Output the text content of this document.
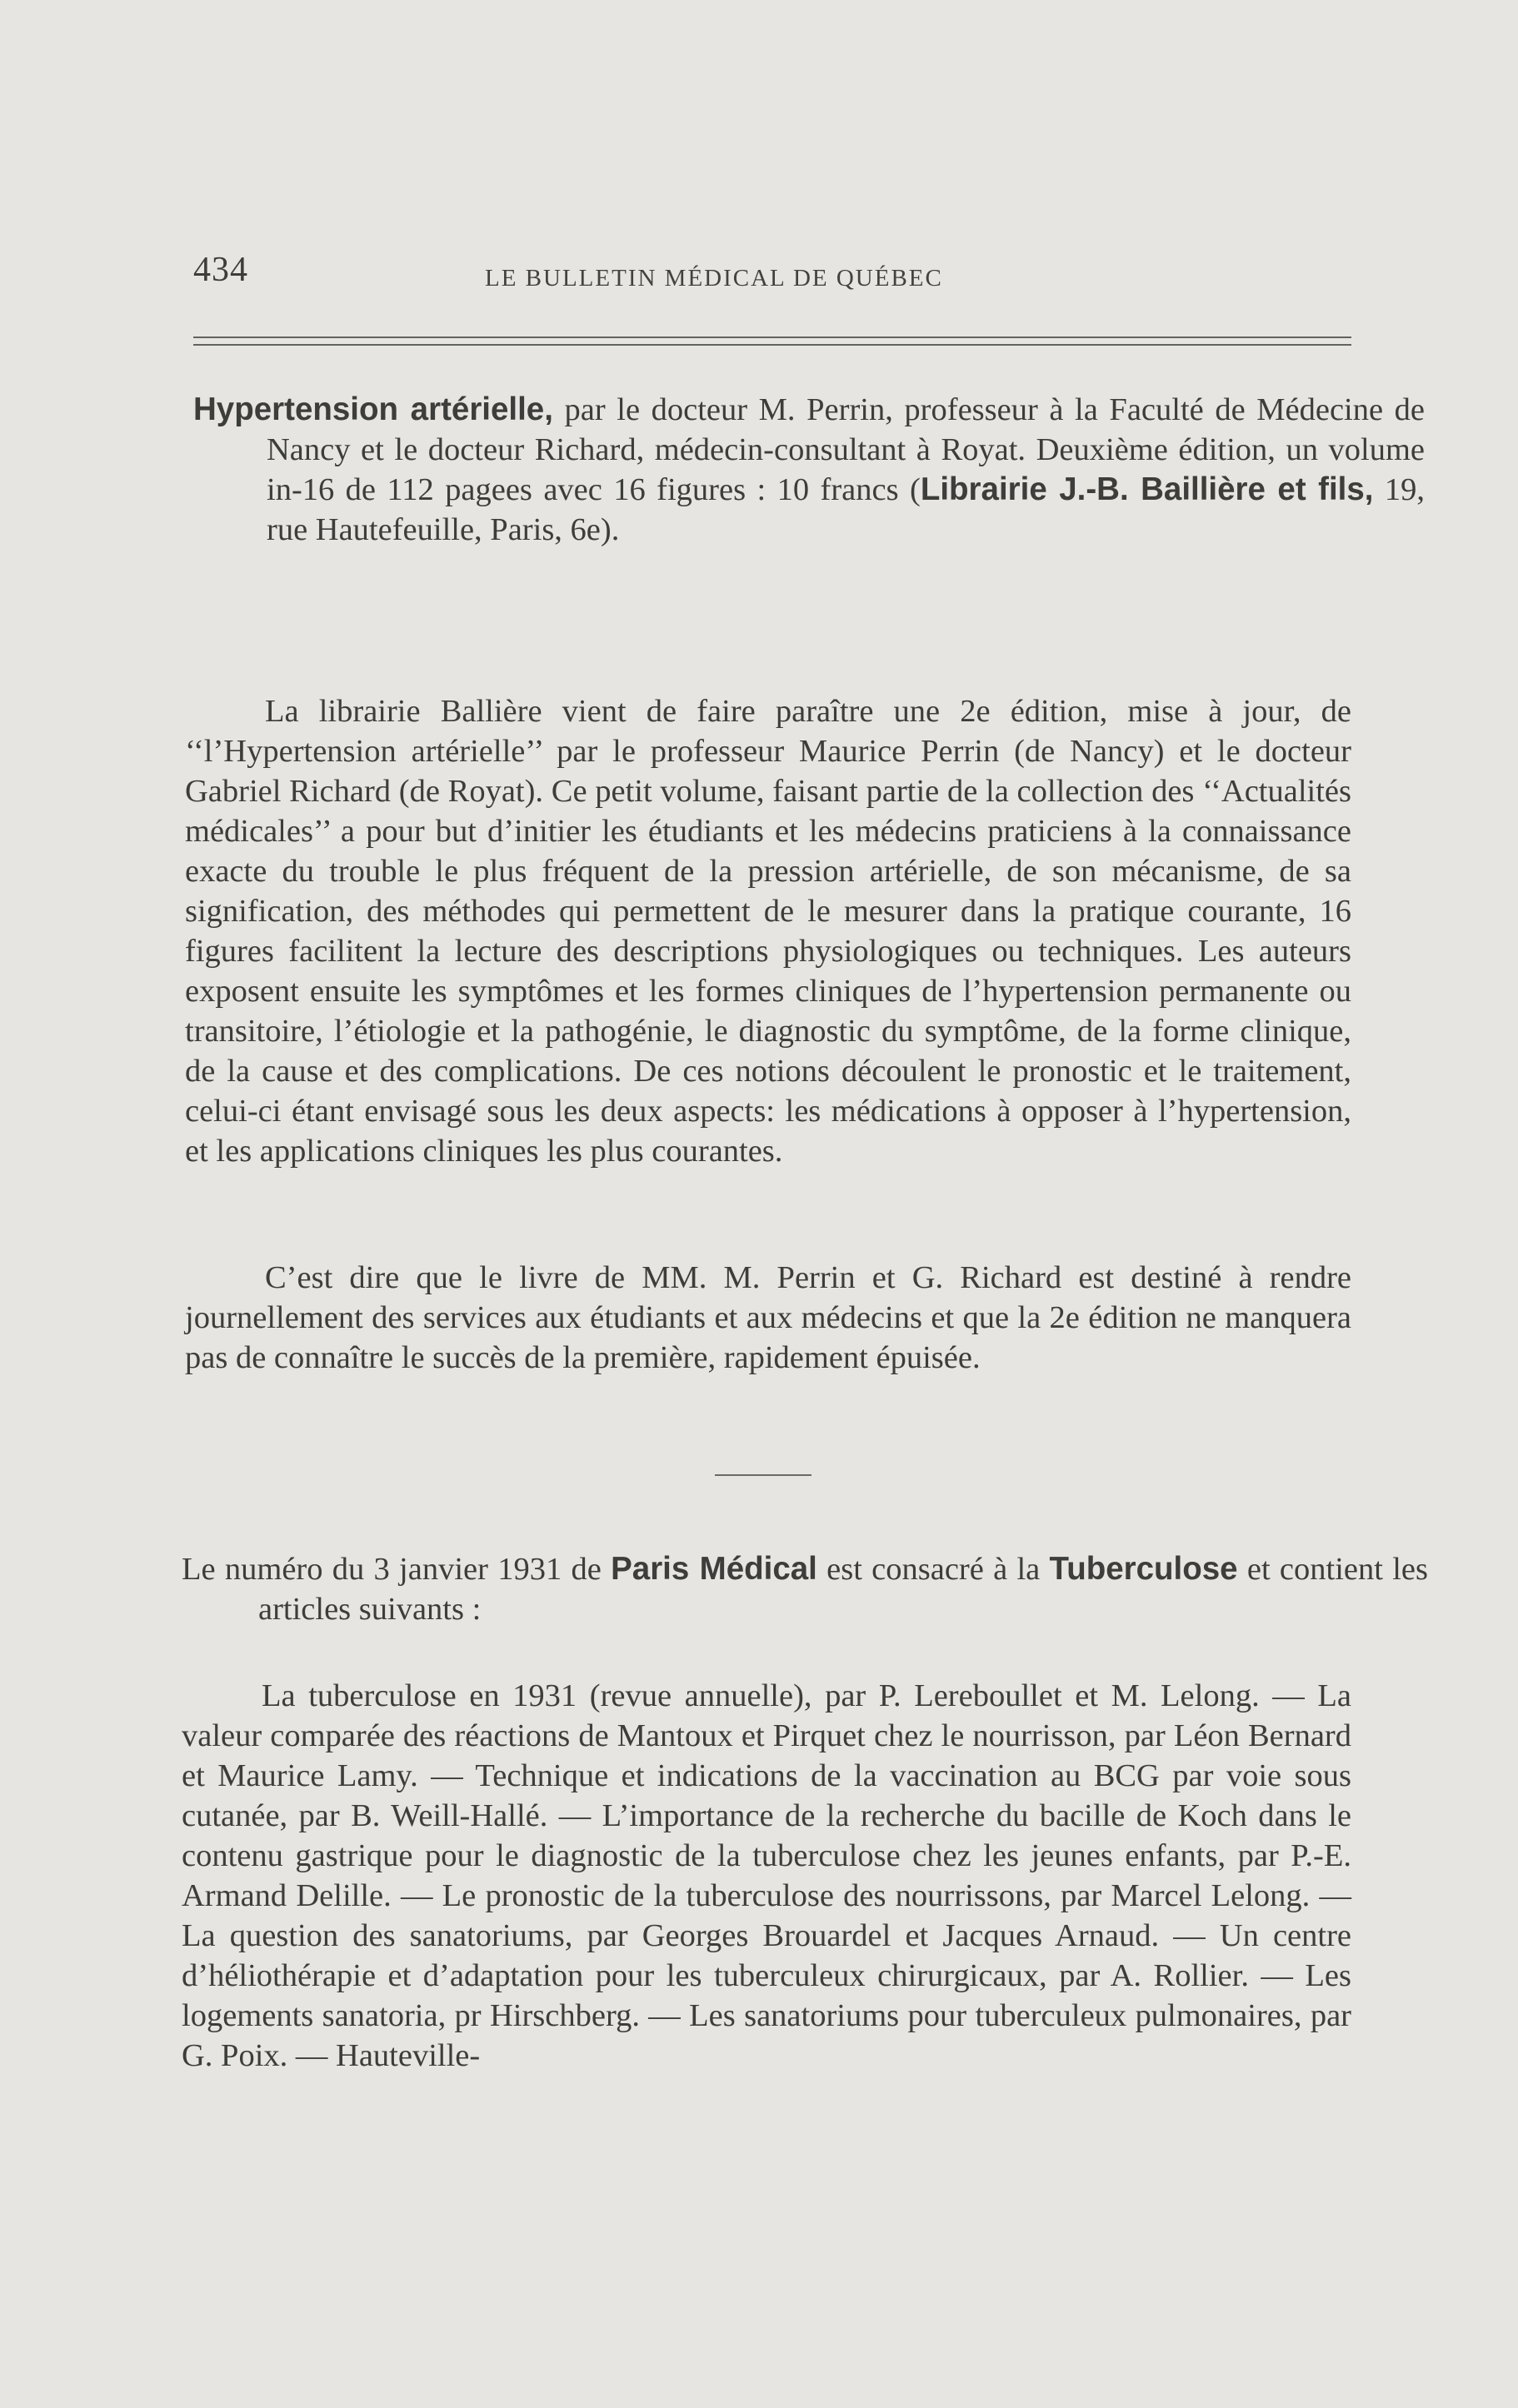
434	LE BULLETIN MÉDICAL DE QUÉBEC
Hypertension artérielle, par le docteur M. Perrin, professeur à la Faculté de Médecine de Nancy et le docteur Richard, médecin-consultant à Royat. Deuxième édition, un volume in-16 de 112 pagees avec 16 figures : 10 francs (Librairie J.-B. Baillière et fils, 19, rue Hautefeuille, Paris, 6e).

La librairie Ballière vient de faire paraître une 2e édition, mise à jour, de ‘‘l’Hypertension artérielle’’ par le professeur Maurice Perrin (de Nancy) et le docteur Gabriel Richard (de Royat). Ce petit volume, faisant partie de la collection des ‘‘Actualités médicales’’ a pour but d’initier les étudiants et les médecins praticiens à la connaissance exacte du trouble le plus fréquent de la pression artérielle, de son mécanisme, de sa signification, des méthodes qui permettent de le mesurer dans la pratique courante, 16 figures facilitent la lecture des descriptions physiologiques ou techniques. Les auteurs exposent ensuite les symptômes et les formes cliniques de l’hypertension permanente ou transitoire, l’étiologie et la pathogénie, le diagnostic du symptôme, de la forme clinique, de la cause et des complications. De ces notions découlent le pronostic et le traitement, celui-ci étant envisagé sous les deux aspects: les médications à opposer à l’hypertension, et les applications cliniques les plus courantes.

C’est dire que le livre de MM. M. Perrin et G. Richard est destiné à rendre journellement des services aux étudiants et aux médecins et que la 2e édition ne manquera pas de connaître le succès de la première, rapidement épuisée.

Le numéro du 3 janvier 1931 de Paris Médical est consacré à la Tuberculose et contient les articles suivants :

La tuberculose en 1931 (revue annuelle), par P. Lereboullet et M. Lelong. — La valeur comparée des réactions de Mantoux et Pirquet chez le nourrisson, par Léon Bernard et Maurice Lamy. — Technique et indications de la vaccination au BCG par voie sous cutanée, par B. Weill-Hallé. — L’importance de la recherche du bacille de Koch dans le contenu gastrique pour le diagnostic de la tuberculose chez les jeunes enfants, par P.-E. Armand Delille. — Le pronostic de la tuberculose des nourrissons, par Marcel Lelong. — La question des sanatoriums, par Georges Brouardel et Jacques Arnaud. — Un centre d’héliothérapie et d’adaptation pour les tuberculeux chirurgicaux, par A. Rollier. — Les logements sanatoria, pr Hirschberg. — Les sanatoriums pour tuberculeux pulmonaires, par G. Poix. — Hauteville-
